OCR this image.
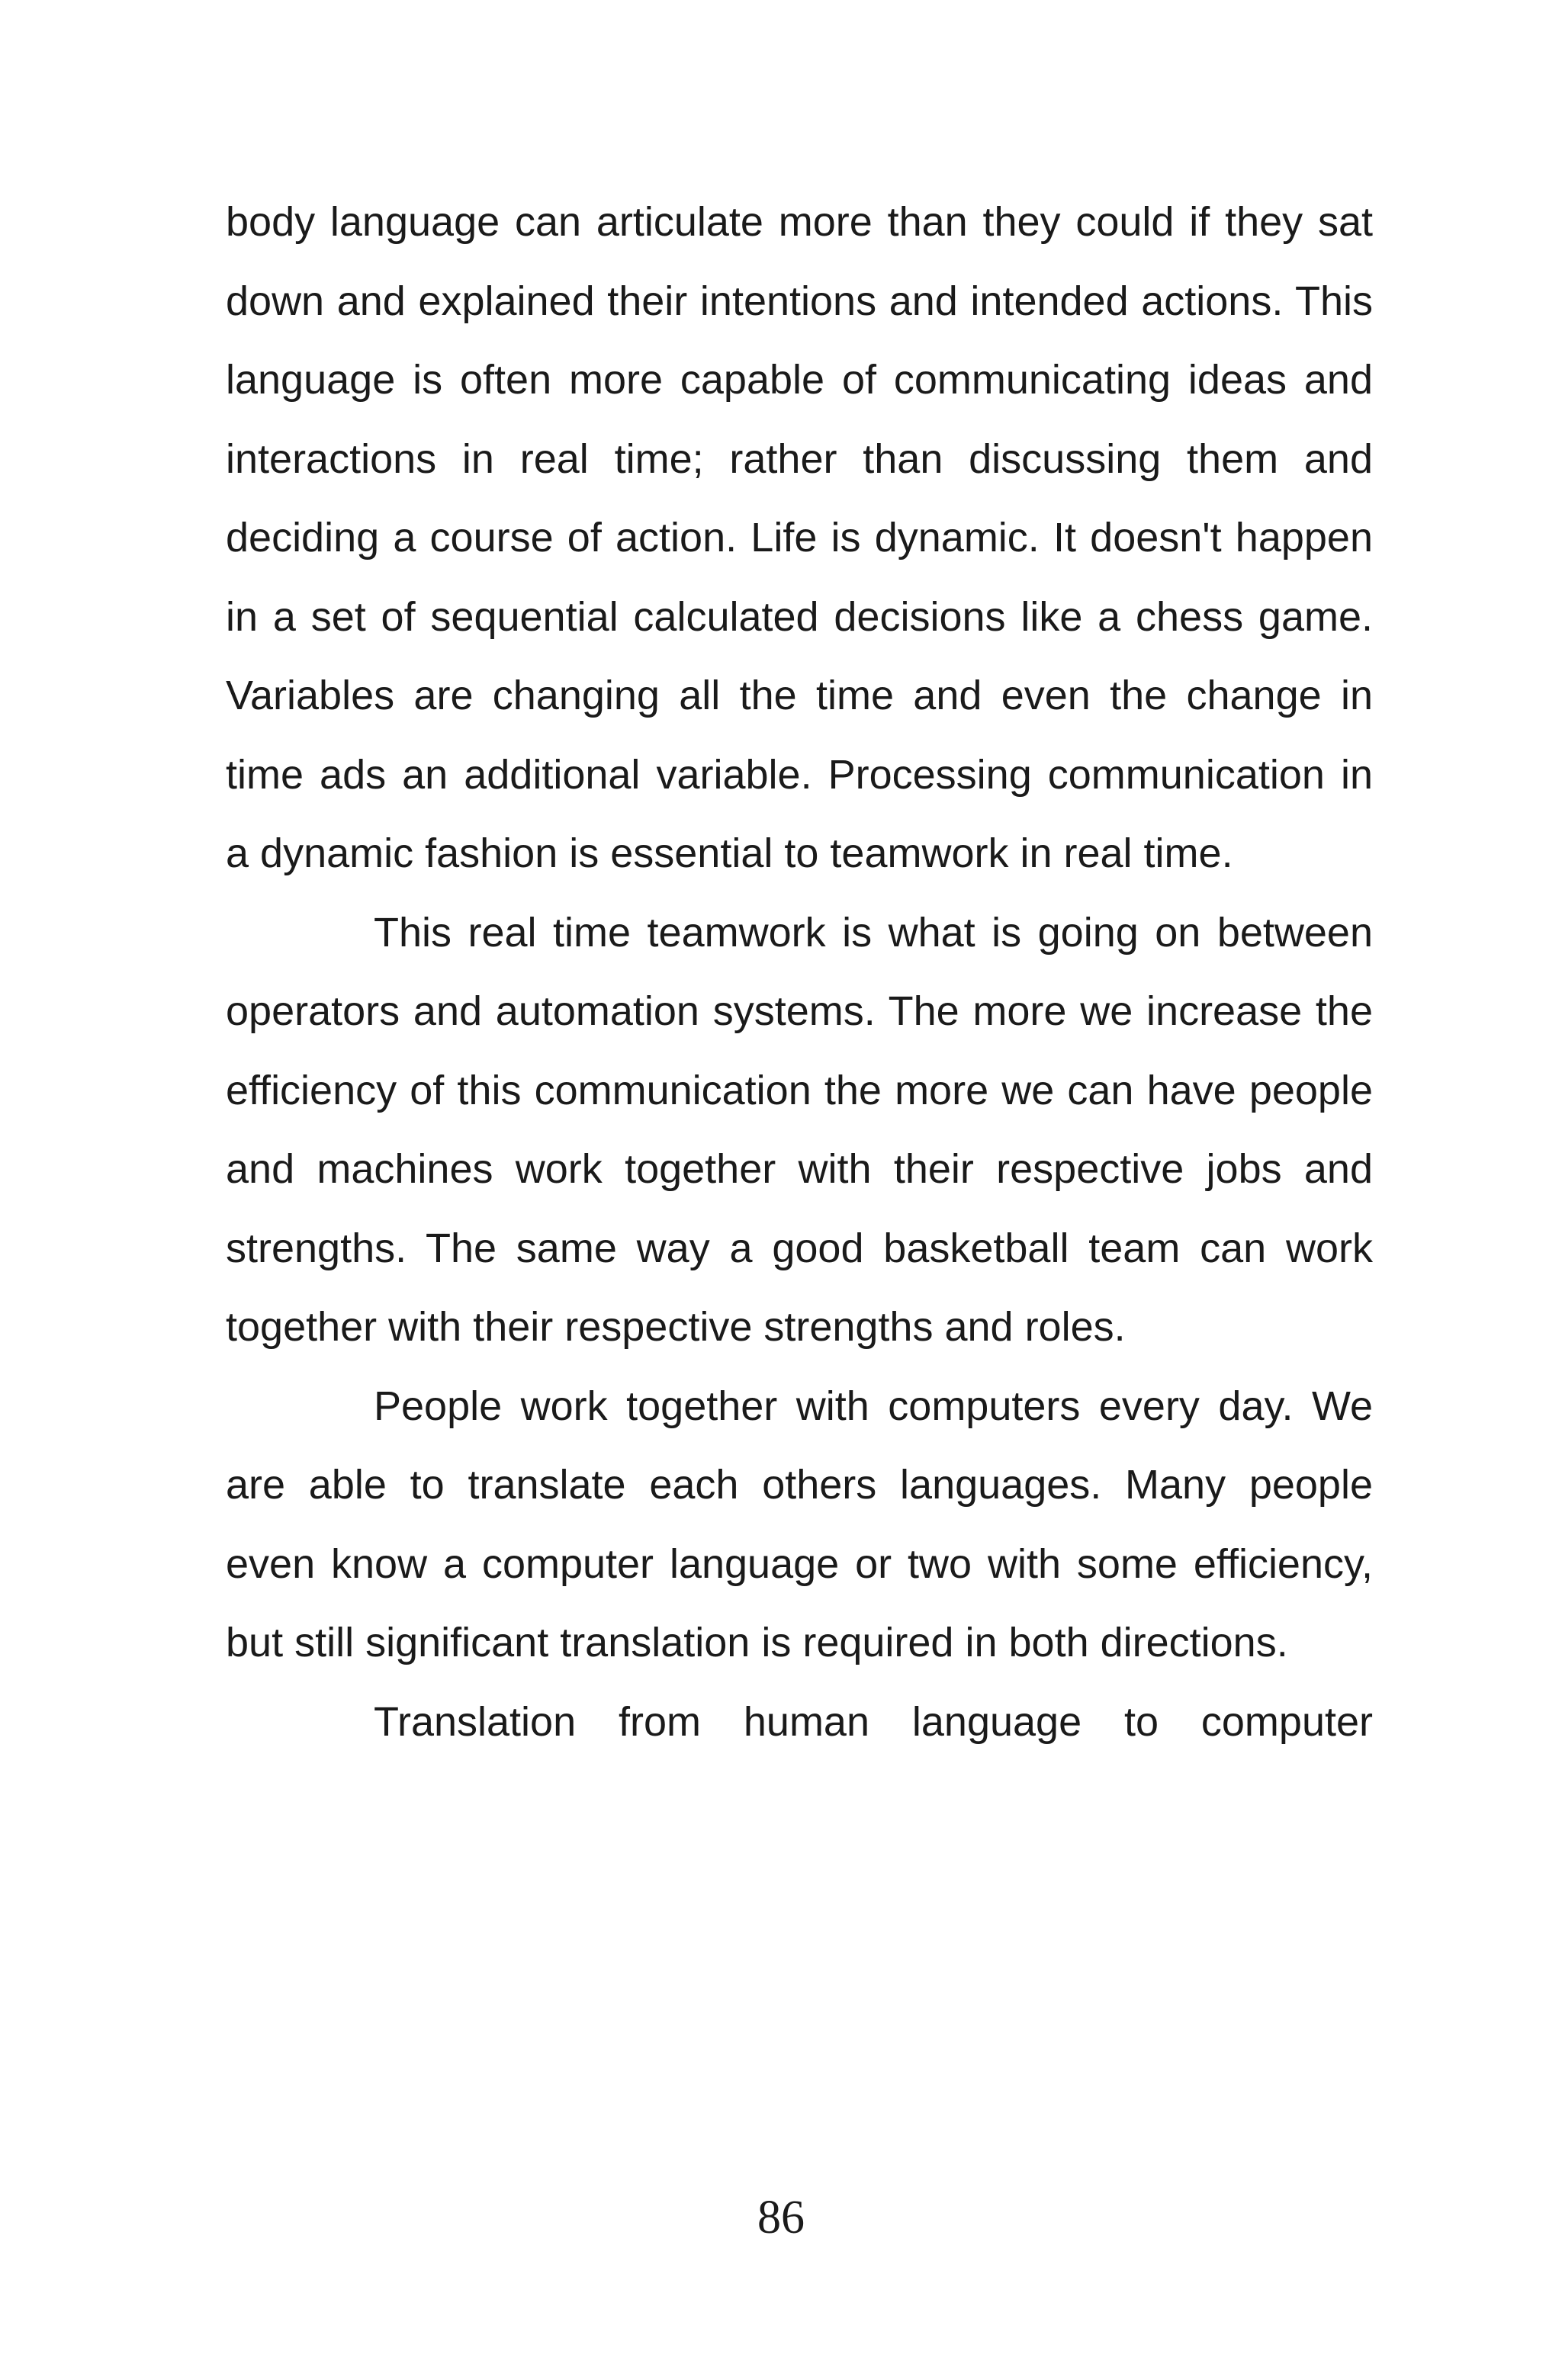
body language can articulate more than they could if they sat down and explained their intentions and intended actions. This language is often more capable of communicating ideas and interactions in real time; rather than discussing them and deciding a course of action. Life is dynamic. It doesn't happen in a set of sequential calculated decisions like a chess game. Variables are changing all the time and even the change in time ads an additional variable. Processing communication in a dynamic fashion is essential to teamwork in real time.

This real time teamwork is what is going on between operators and automation systems. The more we increase the efficiency of this communication the more we can have people and machines work together with their respective jobs and strengths. The same way a good basketball team can work together with their respective strengths and roles.

People work together with computers every day. We are able to translate each others languages. Many people even know a computer language or two with some efficiency, but still significant translation is required in both directions.

Translation from human language to computer

86
